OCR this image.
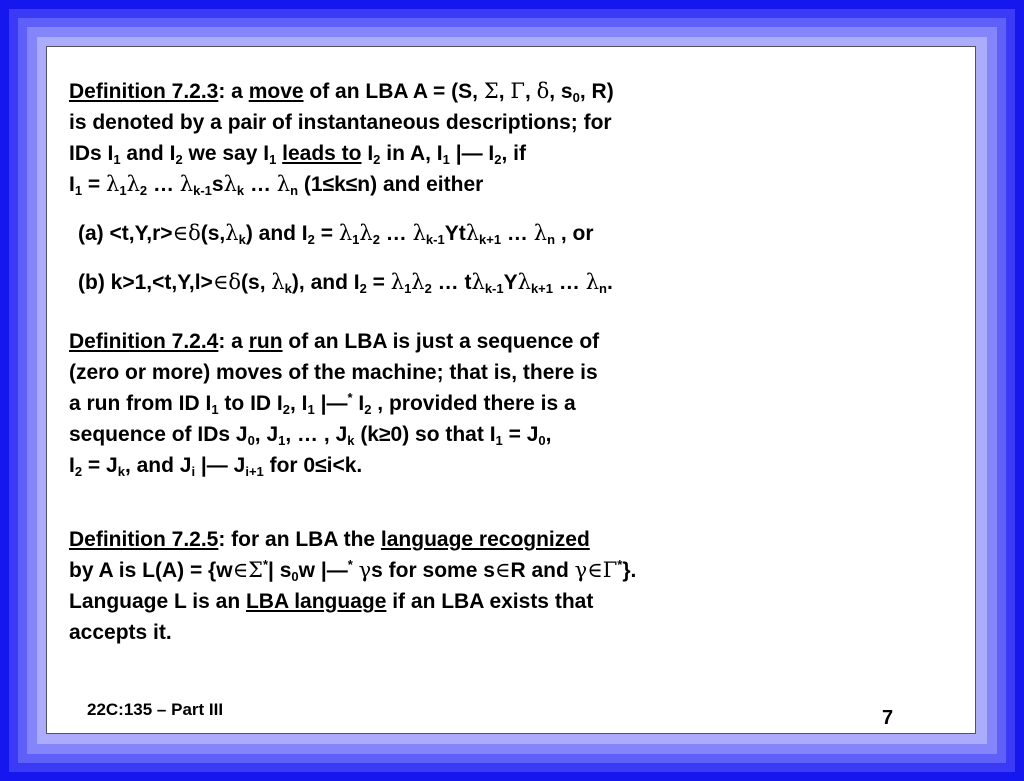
Definition 7.2.3: a move of an LBA A = (S, Σ, Γ, δ, $s_0$, R)
is denoted by a pair of instantaneous descriptions; for
IDs $I_1$ and $I_2$ we say $I_1$ leads to $I_2$ in A, $I_1$ |— $I_2$, if
$I_1 = \lambda_1\lambda_2$ … $\lambda_{k-1}s\lambda_k$ … $\lambda_n$ (1≤k≤n) and either
$(a) <t,Y,r>\in\delta(s,\lambda_k)$ and $I_2 = \lambda_1\lambda_2$ … $\lambda_{k-1}Yt\lambda_{k+1}$ … $\lambda_n$ , or
(b) k>1,<t,Y,l>∈δ(s, $\lambda_k$), and $I_2 = \lambda_1\lambda_2$ … $t\lambda_{k-1}Y\lambda_{k+1}$ … $\lambda_n$.
Definition 7.2.4: a run of an LBA is just a sequence of
(zero or more) moves of the machine; that is, there is
a run from ID $I_1$ to ID $I_2$, $I_1$ |—* $I_2$ , provided there is a
sequence of IDs $J_0$, $J_1$, … , $J_k$ (k≥0) so that $I_1 = J_0$,
$I_2 = J_k$, and $J_i$ |— $J_{i+1}$ for 0≤i<k.
Definition 7.2.5: for an LBA the language recognized
by A is L(A) = {w∈Σ*| $s_0w$ |—* γs for some s∈R and γ∈Γ*}.
Language L is an LBA language if an LBA exists that
accepts it.
22C:135 – Part III	7
